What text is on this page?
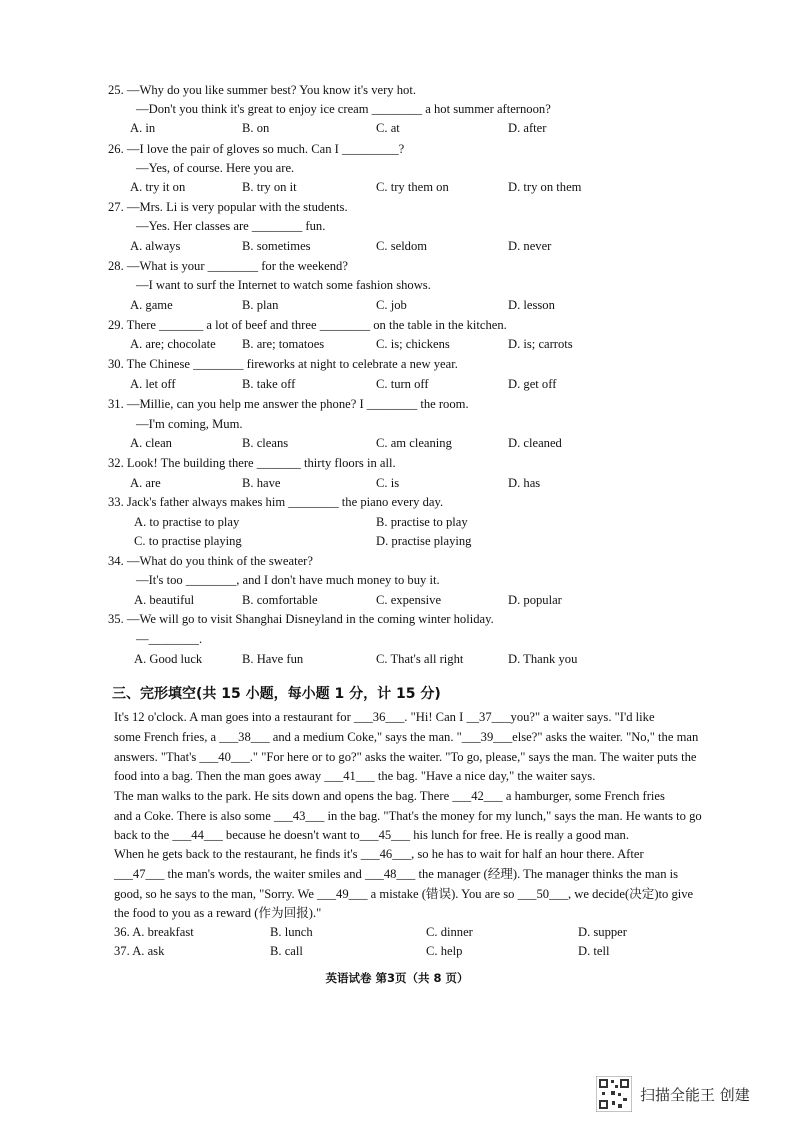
25. —Why do you like summer best? You know it's very hot.
—Don't you think it's great to enjoy ice cream ________ a hot summer afternoon?
A. in	B. on	C. at	D. after
26. —I love the pair of gloves so much. Can I _________?
—Yes, of course. Here you are.
A. try it on	B. try on it	C. try them on	D. try on them
27. —Mrs. Li is very popular with the students.
—Yes. Her classes are ________ fun.
A. always	B. sometimes	C. seldom	D. never
28. —What is your ________ for the weekend?
—I want to surf the Internet to watch some fashion shows.
A. game	B. plan	C. job	D. lesson
29. There _______ a lot of beef and three ________ on the table in the kitchen.
A. are; chocolate B. are; tomatoes	C. is; chickens	D. is; carrots
30. The Chinese ________ fireworks at night to celebrate a new year.
A. let off	B. take off	C. turn off	D. get off
31. —Millie, can you help me answer the phone? I ________ the room.
—I'm coming, Mum.
A. clean	B. cleans	C. am cleaning	D. cleaned
32. Look! The building there _______ thirty floors in all.
A. are	B. have	C. is	D. has
33. Jack's father always makes him ________ the piano every day.
A. to practise to play	B. practise to play
C. to practise playing	D. practise playing
34. —What do you think of the sweater?
—It's too ________, and I don't have much money to buy it.
A. beautiful	B. comfortable	C. expensive	D. popular
35. —We will go to visit Shanghai Disneyland in the coming winter holiday.
—________.
A. Good luck	B. Have fun	C. That's all right	D. Thank you
三、完形填空(共 15 小题，每小题 1 分，计 15 分)
It's 12 o'clock. A man goes into a restaurant for ___36___. "Hi! Can I __37___you?" a waiter says. "I'd like
some French fries, a ___38___ and a medium Coke," says the man. "___39___else?" asks the waiter. "No," the man
answers. "That's ___40___." "For here or to go?" asks the waiter. "To go, please," says the man. The waiter puts the
food into a bag. Then the man goes away ___41___ the bag. "Have a nice day," the waiter says.
The man walks to the park. He sits down and opens the bag. There ___42___ a hamburger, some French fries
and a Coke. There is also some ___43___ in the bag. "That's the money for my lunch," says the man. He wants to go
back to the ___44___ because he doesn't want to___45___ his lunch for free. He is really a good man.
When he gets back to the restaurant, he finds it's ___46___, so he has to wait for half an hour there. After
___47___ the man's words, the waiter smiles and ___48___ the manager (经理). The manager thinks the man is
good, so he says to the man, "Sorry. We ___49___ a mistake (错误). You are so ___50___, we decide(决定)to give
the food to you as a reward (作为回报)."
36. A. breakfast	B. lunch	C. dinner	D. supper
37. A. ask	B. call	C. help	D. tell
英语试卷 第3页（共 8 页）
扫描全能王 创建
